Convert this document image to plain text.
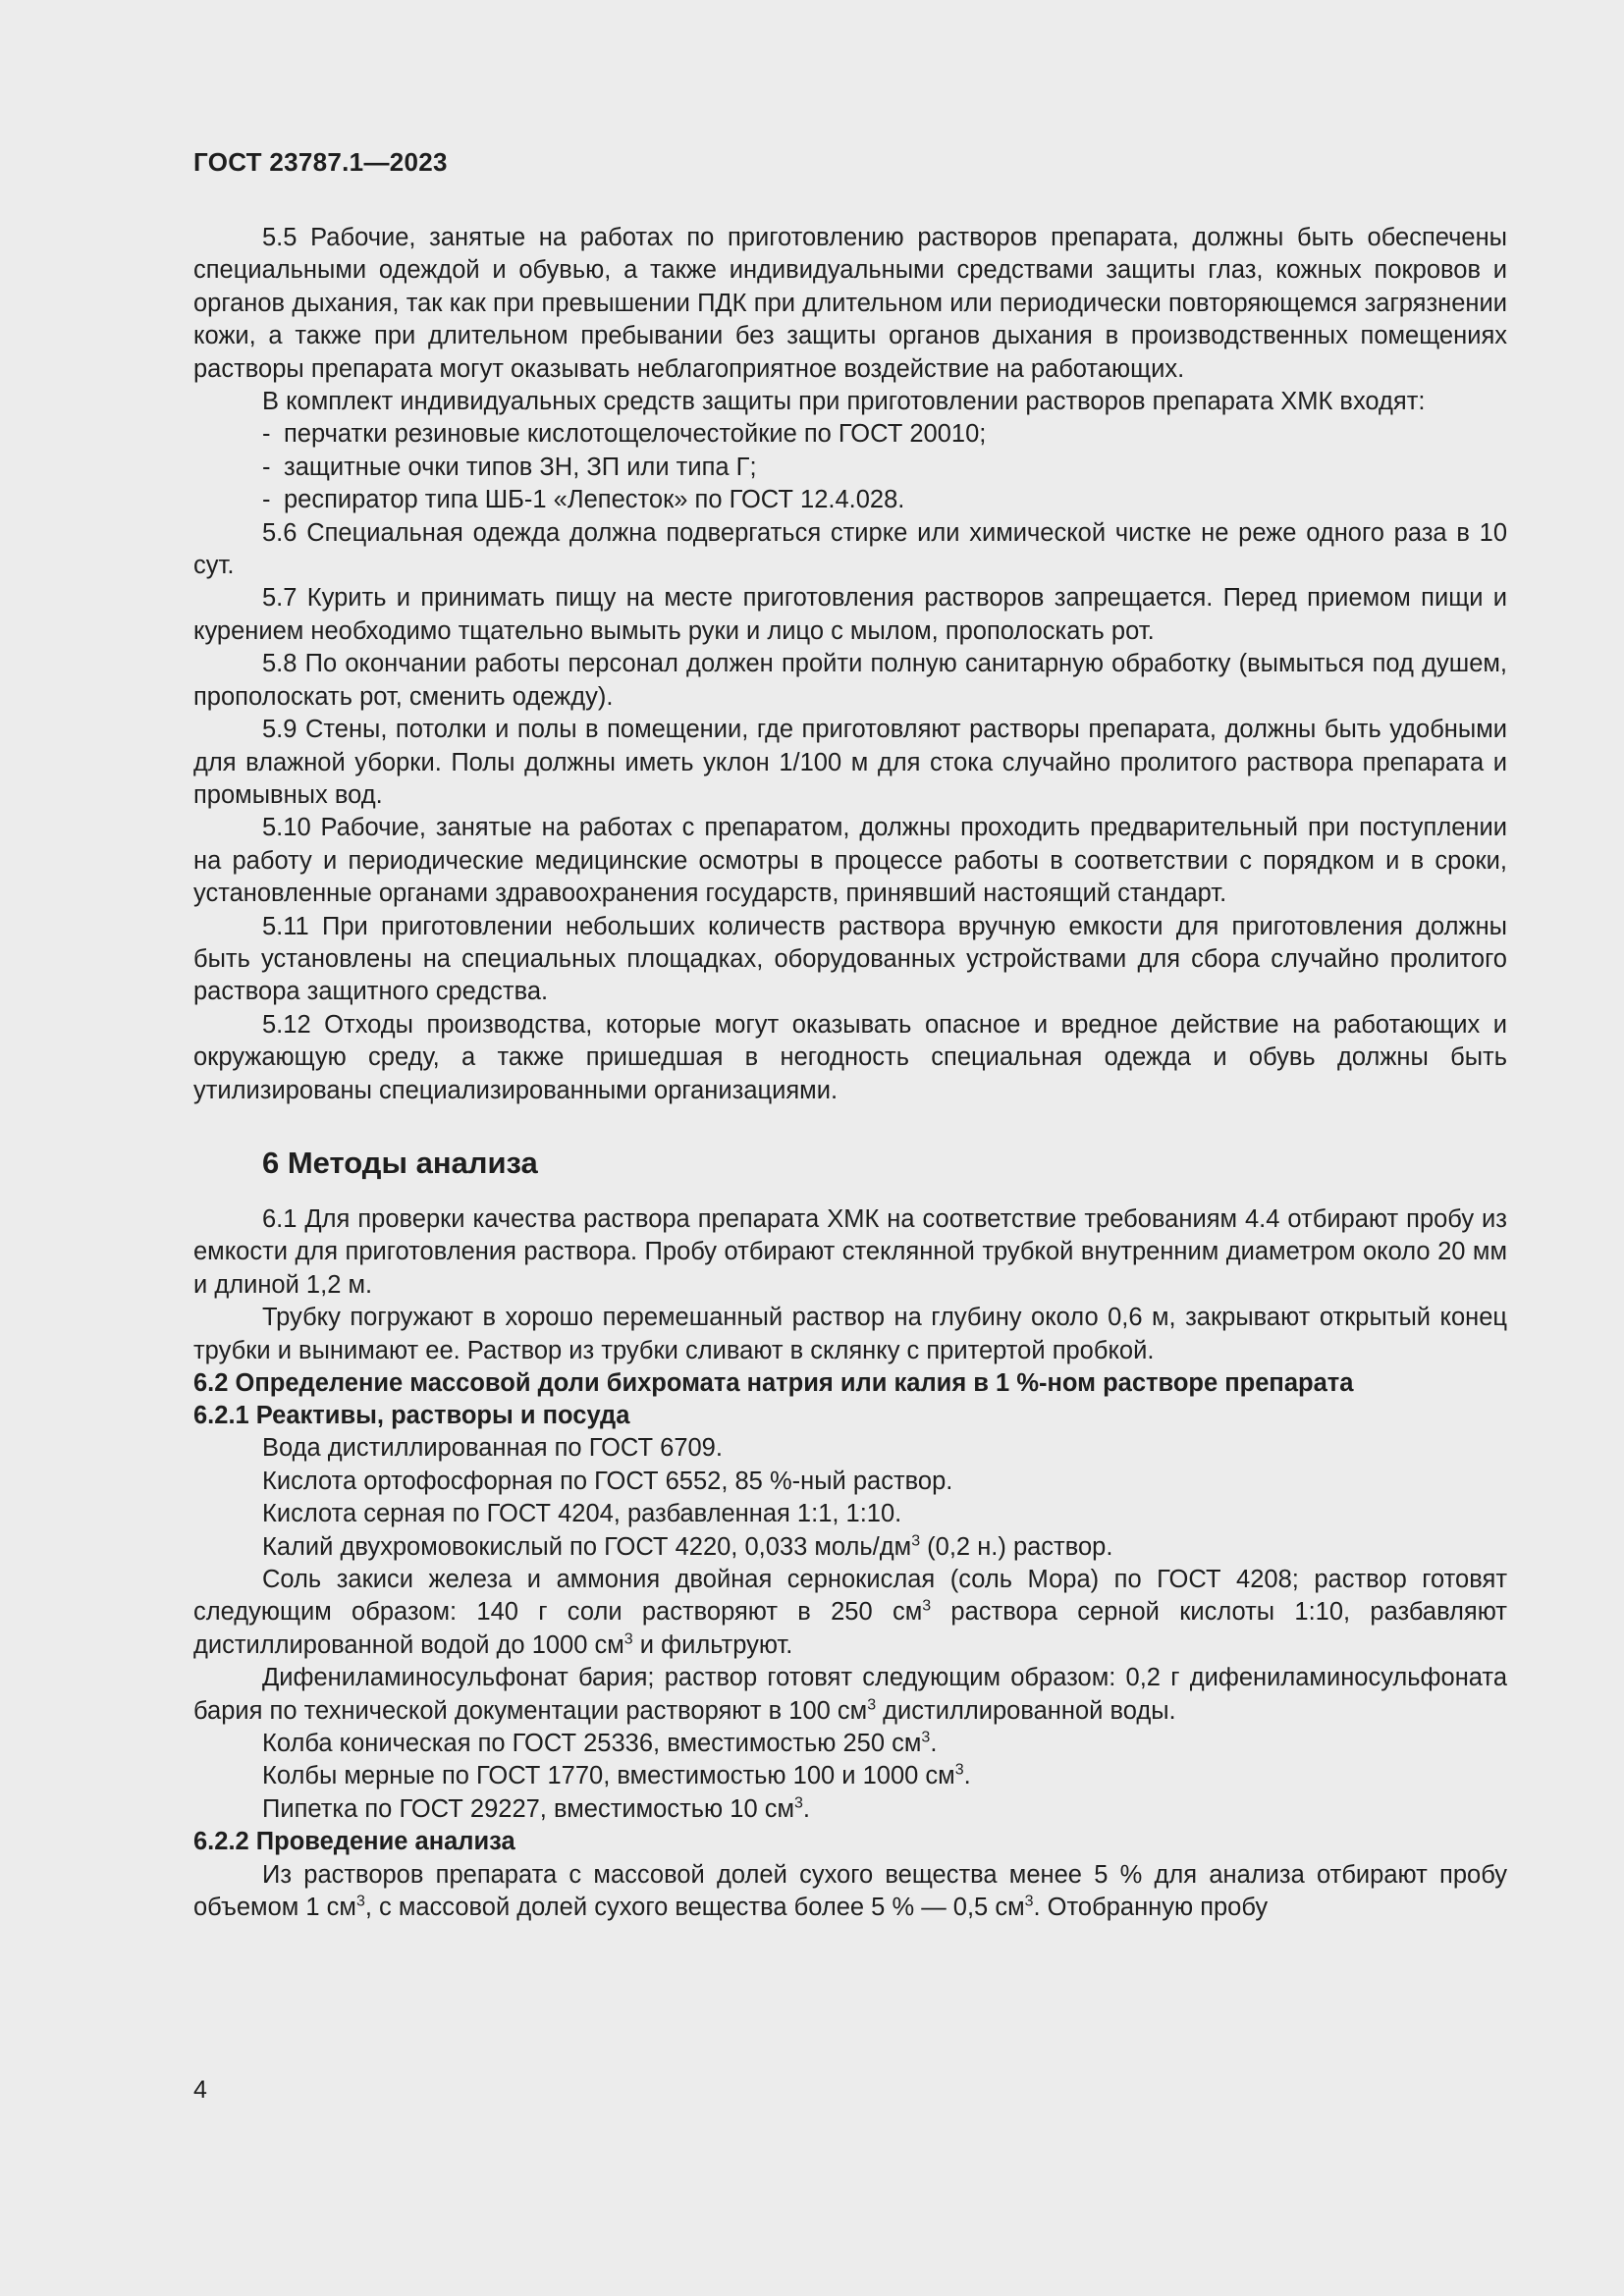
ГОСТ 23787.1—2023

5.5 Рабочие, занятые на работах по приготовлению растворов препарата, должны быть обеспечены специальными одеждой и обувью, а также индивидуальными средствами защиты глаз, кожных покровов и органов дыхания, так как при превышении ПДК при длительном или периодически повторяющемся загрязнении кожи, а также при длительном пребывании без защиты органов дыхания в производственных помещениях растворы препарата могут оказывать неблагоприятное воздействие на работающих.

В комплект индивидуальных средств защиты при приготовлении растворов препарата ХМК входят:

- перчатки резиновые кислотощелочестойкие по ГОСТ 20010;

- защитные очки типов ЗН, ЗП или типа Г;

- респиратор типа ШБ-1 «Лепесток» по ГОСТ 12.4.028.

5.6 Специальная одежда должна подвергаться стирке или химической чистке не реже одного раза в 10 сут.

5.7 Курить и принимать пищу на месте приготовления растворов запрещается. Перед приемом пищи и курением необходимо тщательно вымыть руки и лицо с мылом, прополоскать рот.

5.8 По окончании работы персонал должен пройти полную санитарную обработку (вымыться под душем, прополоскать рот, сменить одежду).

5.9 Стены, потолки и полы в помещении, где приготовляют растворы препарата, должны быть удобными для влажной уборки. Полы должны иметь уклон 1/100 м для стока случайно пролитого раствора препарата и промывных вод.

5.10 Рабочие, занятые на работах с препаратом, должны проходить предварительный при поступлении на работу и периодические медицинские осмотры в процессе работы в соответствии с порядком и в сроки, установленные органами здравоохранения государств, принявший настоящий стандарт.

5.11 При приготовлении небольших количеств раствора вручную емкости для приготовления должны быть установлены на специальных площадках, оборудованных устройствами для сбора случайно пролитого раствора защитного средства.

5.12 Отходы производства, которые могут оказывать опасное и вредное действие на работающих и окружающую среду, а также пришедшая в негодность специальная одежда и обувь должны быть утилизированы специализированными организациями.

6 Методы анализа

6.1 Для проверки качества раствора препарата ХМК на соответствие требованиям 4.4 отбирают пробу из емкости для приготовления раствора. Пробу отбирают стеклянной трубкой внутренним диаметром около 20 мм и длиной 1,2 м.

Трубку погружают в хорошо перемешанный раствор на глубину около 0,6 м, закрывают открытый конец трубки и вынимают ее. Раствор из трубки сливают в склянку с притертой пробкой.

6.2 Определение массовой доли бихромата натрия или калия в 1 %-ном растворе препарата

6.2.1 Реактивы, растворы и посуда

Вода дистиллированная по ГОСТ 6709.

Кислота ортофосфорная по ГОСТ 6552, 85 %-ный раствор.

Кислота серная по ГОСТ 4204, разбавленная 1:1, 1:10.

Калий двухромовокислый по ГОСТ 4220, 0,033 моль/$дм^3$ (0,2 н.) раствор.

Соль закиси железа и аммония двойная сернокислая (соль Мора) по ГОСТ 4208; раствор готовят следующим образом: 140 г соли растворяют в 250 $см^3$ раствора серной кислоты 1:10, разбавляют дистиллированной водой до 1000 $см^3$ и фильтруют.

Дифениламиносульфонат бария; раствор готовят следующим образом: 0,2 г дифениламиносульфоната бария по технической документации растворяют в 100 $см^3$ дистиллированной воды.

Колба коническая по ГОСТ 25336, вместимостью 250 $см^3$.

Колбы мерные по ГОСТ 1770, вместимостью 100 и 1000 $см^3$.

Пипетка по ГОСТ 29227, вместимостью 10 $см^3$.

6.2.2 Проведение анализа

Из растворов препарата с массовой долей сухого вещества менее 5 % для анализа отбирают пробу объемом 1 $см^3$, с массовой долей сухого вещества более 5 % — 0,5 $см^3$. Отобранную пробу

4
